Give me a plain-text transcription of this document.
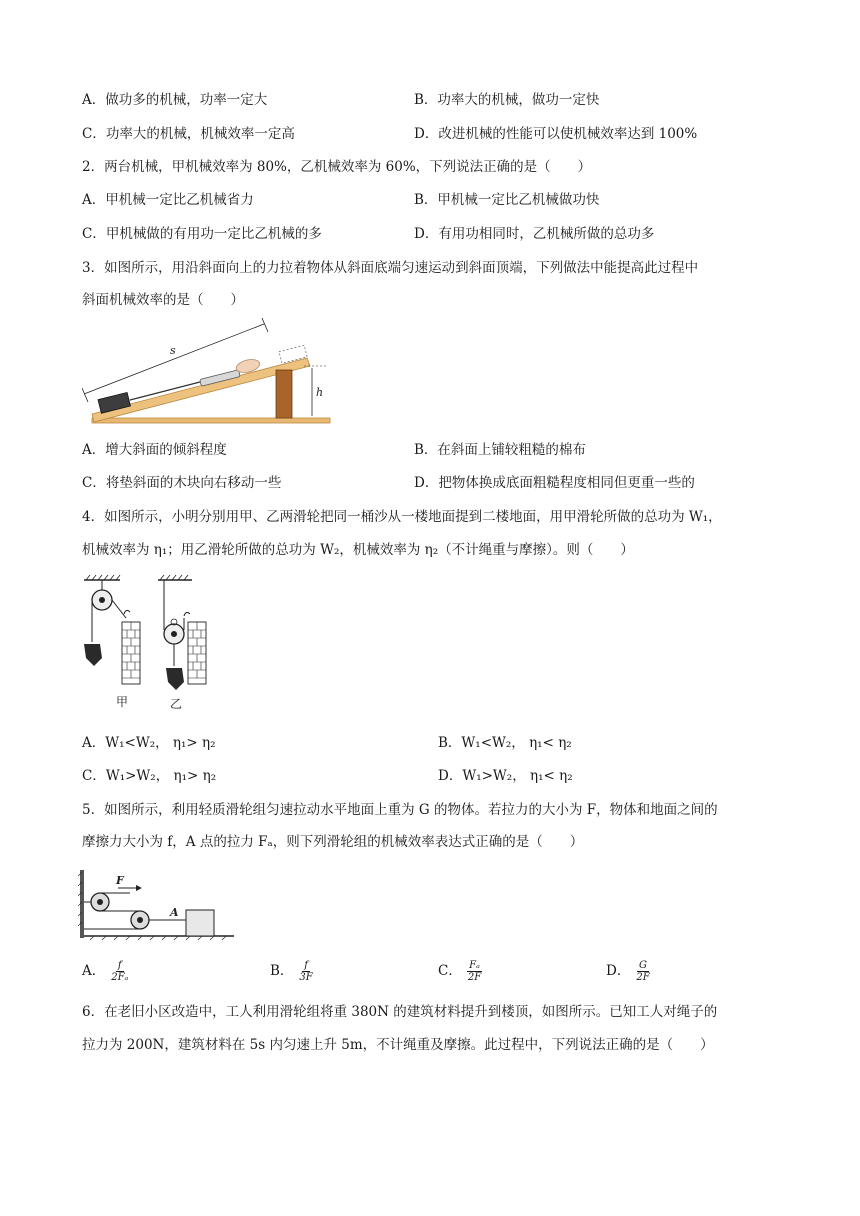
A．做功多的机械，功率一定大	B．功率大的机械，做功一定快
C．功率大的机械，机械效率一定高	D．改进机械的性能可以使机械效率达到 100%
2．两台机械，甲机械效率为 80%，乙机械效率为 60%，下列说法正确的是（　　）
A．甲机械一定比乙机械省力	B．甲机械一定比乙机械做功快
C．甲机械做的有用功一定比乙机械的多	D．有用功相同时，乙机械所做的总功多
3．如图所示，用沿斜面向上的力拉着物体从斜面底端匀速运动到斜面顶端，下列做法中能提高此过程中
斜面机械效率的是（　　）
s
h
A．增大斜面的倾斜程度	B．在斜面上铺较粗糙的棉布
C．将垫斜面的木块向右移动一些	D．把物体换成底面粗糙程度相同但更重一些的
4．如图所示，小明分别用甲、乙两滑轮把同一桶沙从一楼地面提到二楼地面，用甲滑轮所做的总功为 W₁，
机械效率为 η₁；用乙滑轮所做的总功为 W₂，机械效率为 η₂（不计绳重与摩擦）。则（　　）
甲	乙
A．W₁<W₂， η₁> η₂	B．W₁<W₂， η₁< η₂
C．W₁>W₂， η₁> η₂	D．W₁>W₂， η₁< η₂
5．如图所示，利用轻质滑轮组匀速拉动水平地面上重为 G 的物体。若拉力的大小为 F，物体和地面之间的
摩擦力大小为 f，A 点的拉力 Fₐ，则下列滑轮组的机械效率表达式正确的是（　　）
F
A
A． $\frac{f}{\text{2Fₐ}}$	B． $\frac{f}{3F}$	C． $\frac{\text{Fₐ}}{2F}$	D． $\frac{G}{2F}$
6．在老旧小区改造中，工人利用滑轮组将重 380N 的建筑材料提升到楼顶，如图所示。已知工人对绳子的
拉力为 200N，建筑材料在 5s 内匀速上升 5m，不计绳重及摩擦。此过程中，下列说法正确的是（　　）
